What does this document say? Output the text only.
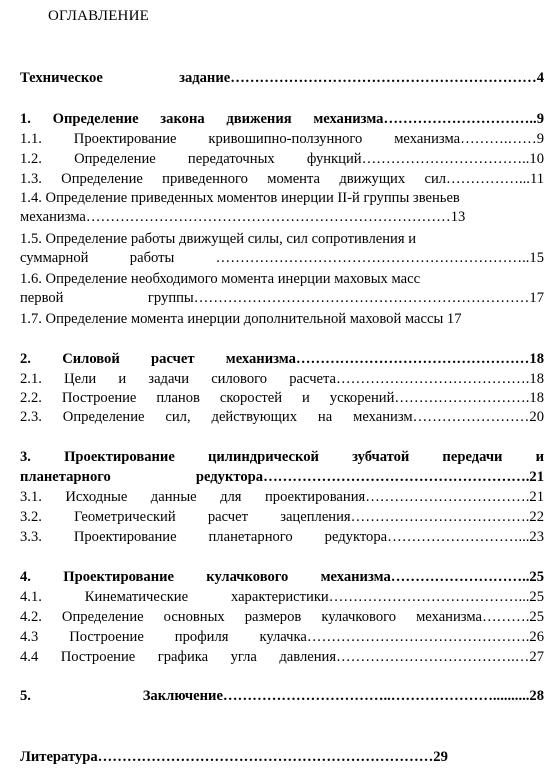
ОГЛАВЛЕНИЕ
Техническое задание………………………………………………………4
1. Определение закона движения механизма…………………………..9
1.1. Проектирование кривошипно-ползунного механизма……….……9
1.2. Определение передаточных функций……………………………..10
1.3. Определение приведенного момента движущих сил……………...11
1.4. Определение приведенных моментов инерции II-й группы звеньев
механизма…………………………………………………………………13
1.5. Определение работы движущей силы, сил сопротивления и
суммарной работы ………………………………………………………..15
1.6. Определение необходимого момента инерции маховых масс
первой группы……………………………………………………………17
1.7. Определение момента инерции дополнительной маховой массы 17
2. Силовой расчет механизма…………………………………………18
2.1. Цели и задачи силового расчета………………………………….18
2.2. Построение планов скоростей и ускорений……………………….18
2.3. Определение сил, действующих на механизм……………………20
3. Проектирование цилиндрической зубчатой передачи и
планетарного редуктора……………………………………………….21
3.1. Исходные данные для проектирования…………………………….21
3.2. Геометрический расчет зацепления……………………………….22
3.3. Проектирование планетарного редуктора………………………...23
4. Проектирование кулачкового механизма………………………..25
4.1. Кинематические характеристики…………………………………...25
4.2. Определение основных размеров кулачкового механизма……….25
4.3 Построение профиля кулачка……………………………………….26
4.4 Построение графика угла давления……………………………….…27
5. Заключение……………………………..…………………..........28
Литература……………………………………………………………29
